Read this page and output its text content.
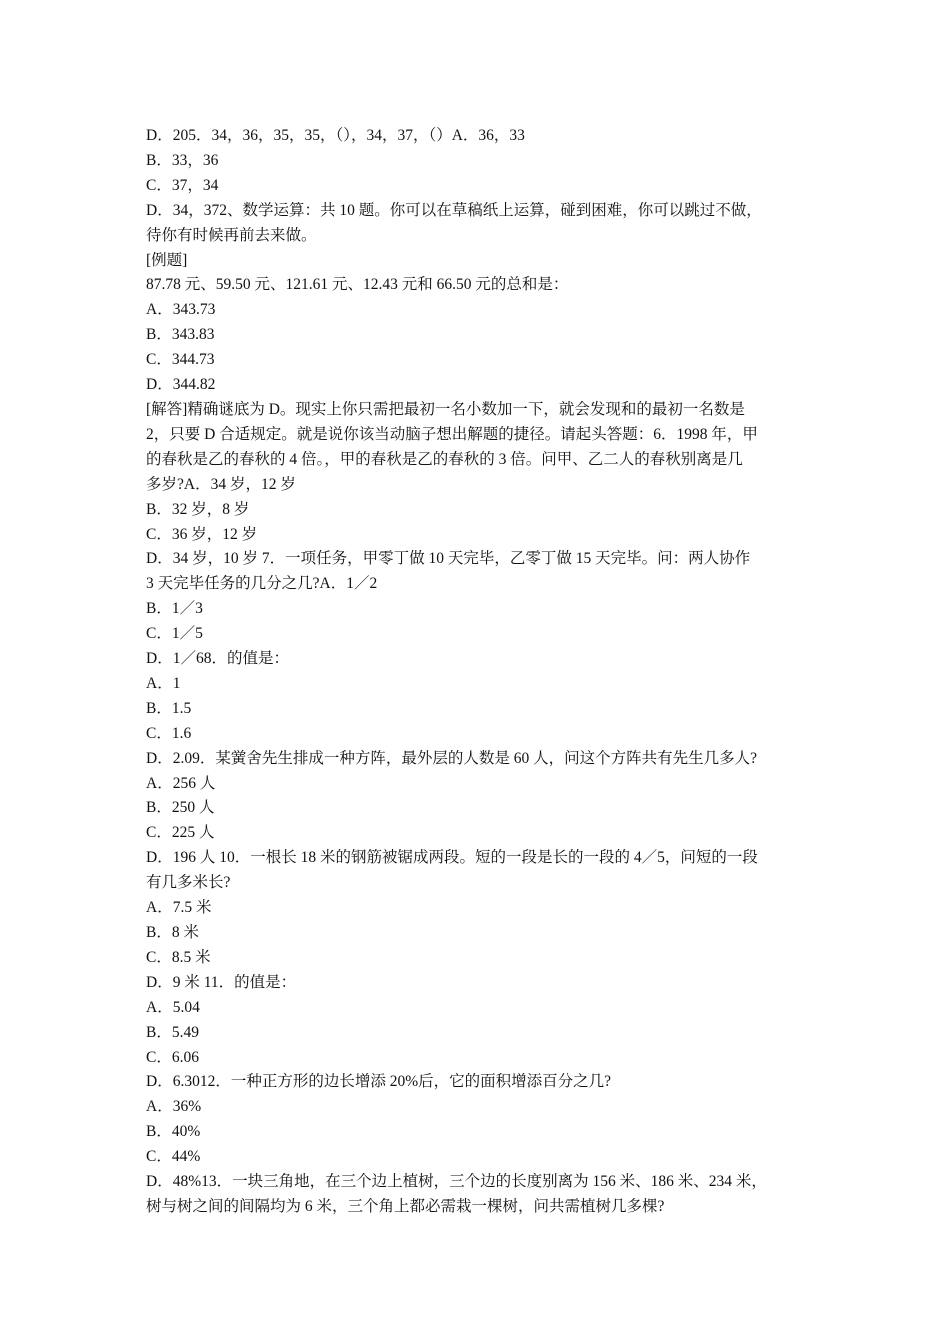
D．205．34，36，35，35，（），34，37，（）A．36，33

B．33，36

C．37，34

D．34，372、数学运算：共 10 题。你可以在草稿纸上运算，碰到困难，你可以跳过不做，

待你有时候再前去来做。

[例题]

87.78 元、59.50 元、121.61 元、12.43 元和 66.50 元的总和是：

A．343.73

B．343.83

C．344.73

D．344.82

[解答]精确谜底为 D。现实上你只需把最初一名小数加一下，就会发现和的最初一名数是

2，只要 D 合适规定。就是说你该当动脑子想出解题的捷径。请起头答题：6．1998 年，甲

的春秋是乙的春秋的 4 倍。，甲的春秋是乙的春秋的 3 倍。问甲、乙二人的春秋别离是几

多岁?A．34 岁，12 岁

B．32 岁，8 岁

C．36 岁，12 岁

D．34 岁，10 岁 7．一项任务，甲零丁做 10 天完毕，乙零丁做 15 天完毕。问：两人协作

3 天完毕任务的几分之几?A．1／2

B．1／3

C．1／5

D．1／68．的值是：

A．1

B．1.5

C．1.6

D．2.09．某黉舍先生排成一种方阵，最外层的人数是 60 人，问这个方阵共有先生几多人?

A．256 人

B．250 人

C．225 人

D．196 人 10．一根长 18 米的钢筋被锯成两段。短的一段是长的一段的 4／5，问短的一段

有几多米长?

A．7.5 米

B．8 米

C．8.5 米

D．9 米 11．的值是：

A．5.04

B．5.49

C．6.06

D．6.3012．一种正方形的边长增添 20%后，它的面积增添百分之几?

A．36%

B．40%

C．44%

D．48%13．一块三角地，在三个边上植树，三个边的长度别离为 156 米、186 米、234 米，

树与树之间的间隔均为 6 米，三个角上都必需栽一棵树，问共需植树几多棵?
